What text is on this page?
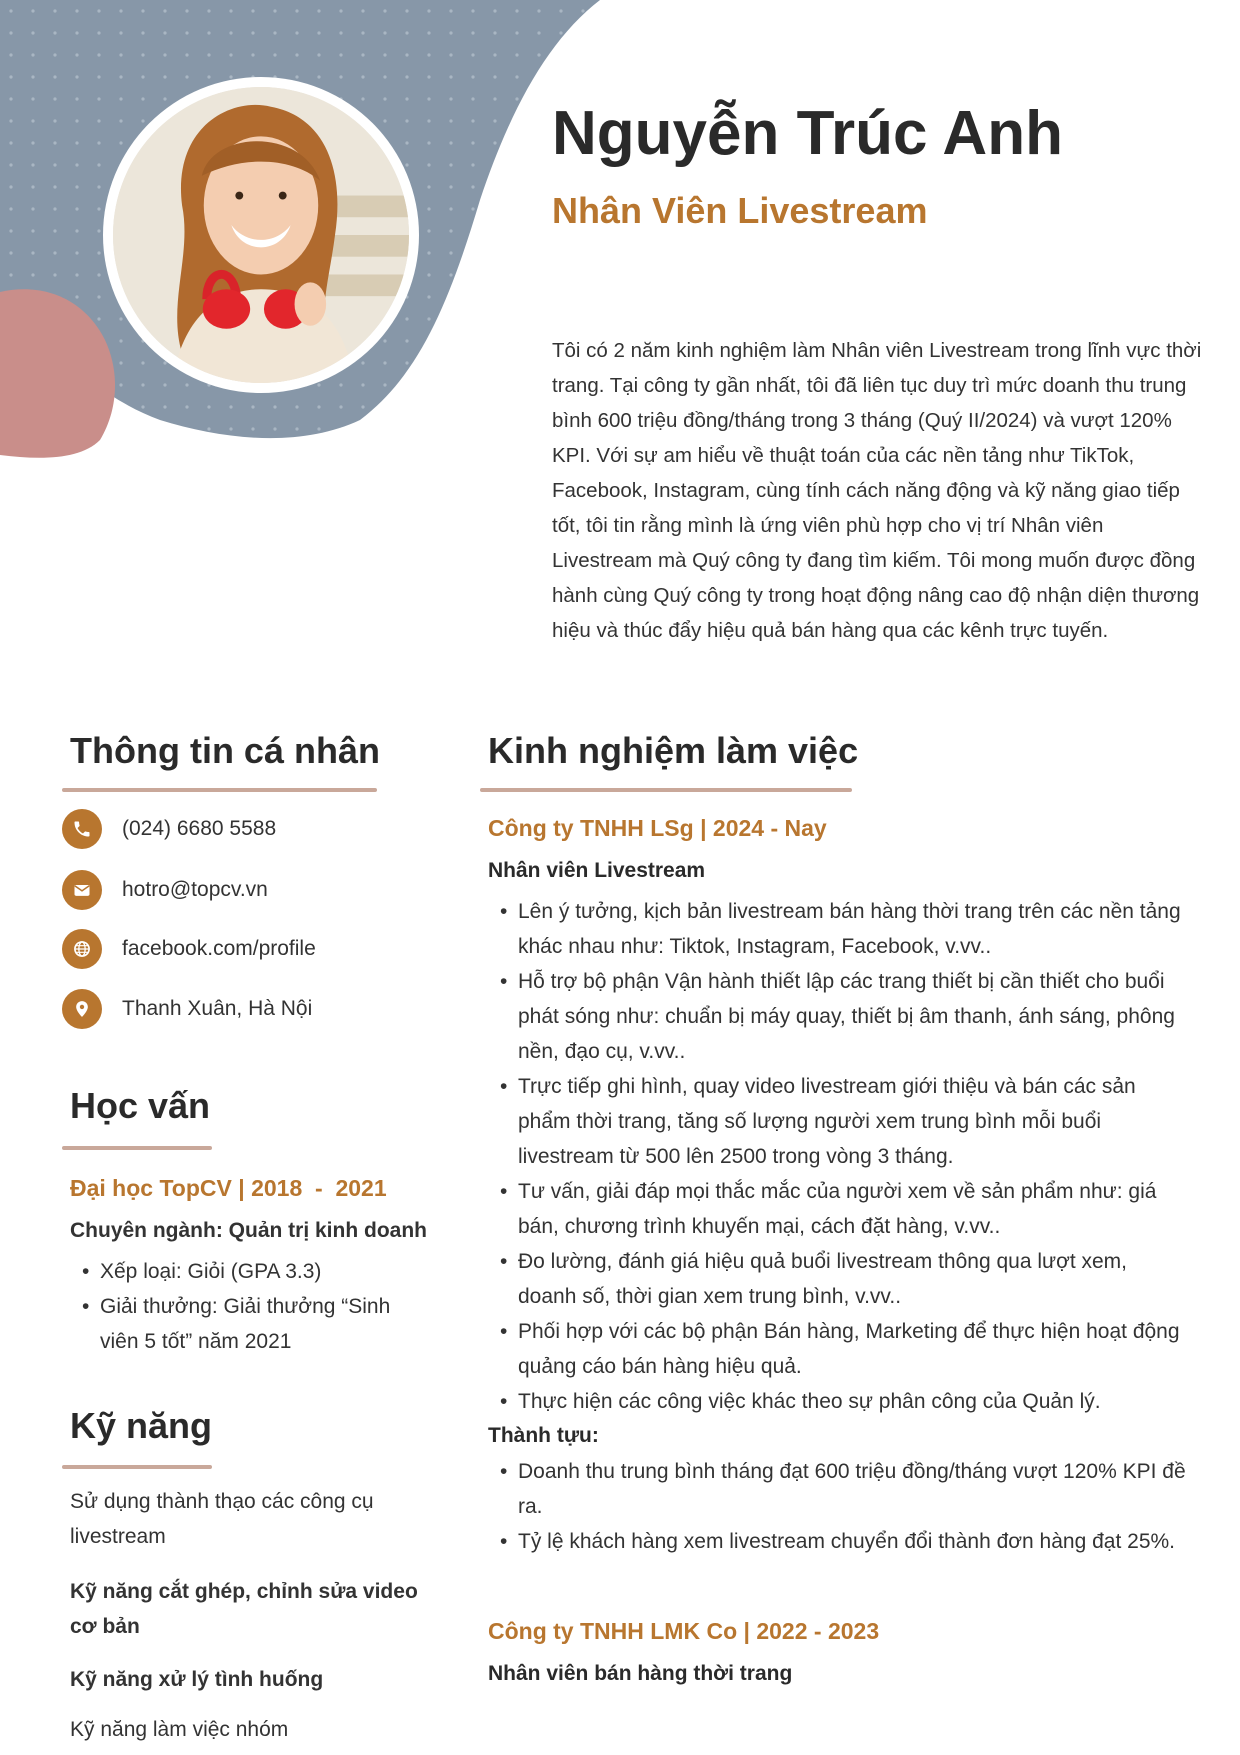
Nguyễn Trúc Anh
Nhân Viên Livestream

Tôi có 2 năm kinh nghiệm làm Nhân viên Livestream trong lĩnh vực thời trang. Tại công ty gần nhất, tôi đã liên tục duy trì mức doanh thu trung bình 600 triệu đồng/tháng trong 3 tháng (Quý II/2024) và vượt 120% KPI. Với sự am hiểu về thuật toán của các nền tảng như TikTok, Facebook, Instagram, cùng tính cách năng động và kỹ năng giao tiếp tốt, tôi tin rằng mình là ứng viên phù hợp cho vị trí Nhân viên Livestream mà Quý công ty đang tìm kiếm. Tôi mong muốn được đồng hành cùng Quý công ty trong hoạt động nâng cao độ nhận diện thương hiệu và thúc đẩy hiệu quả bán hàng qua các kênh trực tuyến.

Thông tin cá nhân
(024) 6680 5588
hotro@topcv.vn
facebook.com/profile
Thanh Xuân, Hà Nội
Học vấn

Đại học TopCV | 2018  -  2021

Chuyên ngành: Quản trị kinh doanh

• Xếp loại: Giỏi (GPA 3.3)
• Giải thưởng: Giải thưởng “Sinh viên 5 tốt” năm 2021
Kỹ năng

Sử dụng thành thạo các công cụ livestream

Kỹ năng cắt ghép, chỉnh sửa video cơ bản

Kỹ năng xử lý tình huống

Kỹ năng làm việc nhóm

Kinh nghiệm làm việc

Công ty TNHH LSg | 2024 - Nay

Nhân viên Livestream

• Lên ý tưởng, kịch bản livestream bán hàng thời trang trên các nền tảng khác nhau như: Tiktok, Instagram, Facebook, v.vv..
• Hỗ trợ bộ phận Vận hành thiết lập các trang thiết bị cần thiết cho buổi phát sóng như: chuẩn bị máy quay, thiết bị âm thanh, ánh sáng, phông nền, đạo cụ, v.vv..
• Trực tiếp ghi hình, quay video livestream giới thiệu và bán các sản phẩm thời trang, tăng số lượng người xem trung bình mỗi buổi livestream từ 500 lên 2500 trong vòng 3 tháng.
• Tư vấn, giải đáp mọi thắc mắc của người xem về sản phẩm như: giá bán, chương trình khuyến mại, cách đặt hàng, v.vv..
• Đo lường, đánh giá hiệu quả buổi livestream thông qua lượt xem, doanh số, thời gian xem trung bình, v.vv..
• Phối hợp với các bộ phận Bán hàng, Marketing để thực hiện hoạt động quảng cáo bán hàng hiệu quả.
• Thực hiện các công việc khác theo sự phân công của Quản lý.

Thành tựu:

• Doanh thu trung bình tháng đạt 600 triệu đồng/tháng vượt 120% KPI đề ra.
• Tỷ lệ khách hàng xem livestream chuyển đổi thành đơn hàng đạt 25%.

Công ty TNHH LMK Co | 2022 - 2023

Nhân viên bán hàng thời trang
